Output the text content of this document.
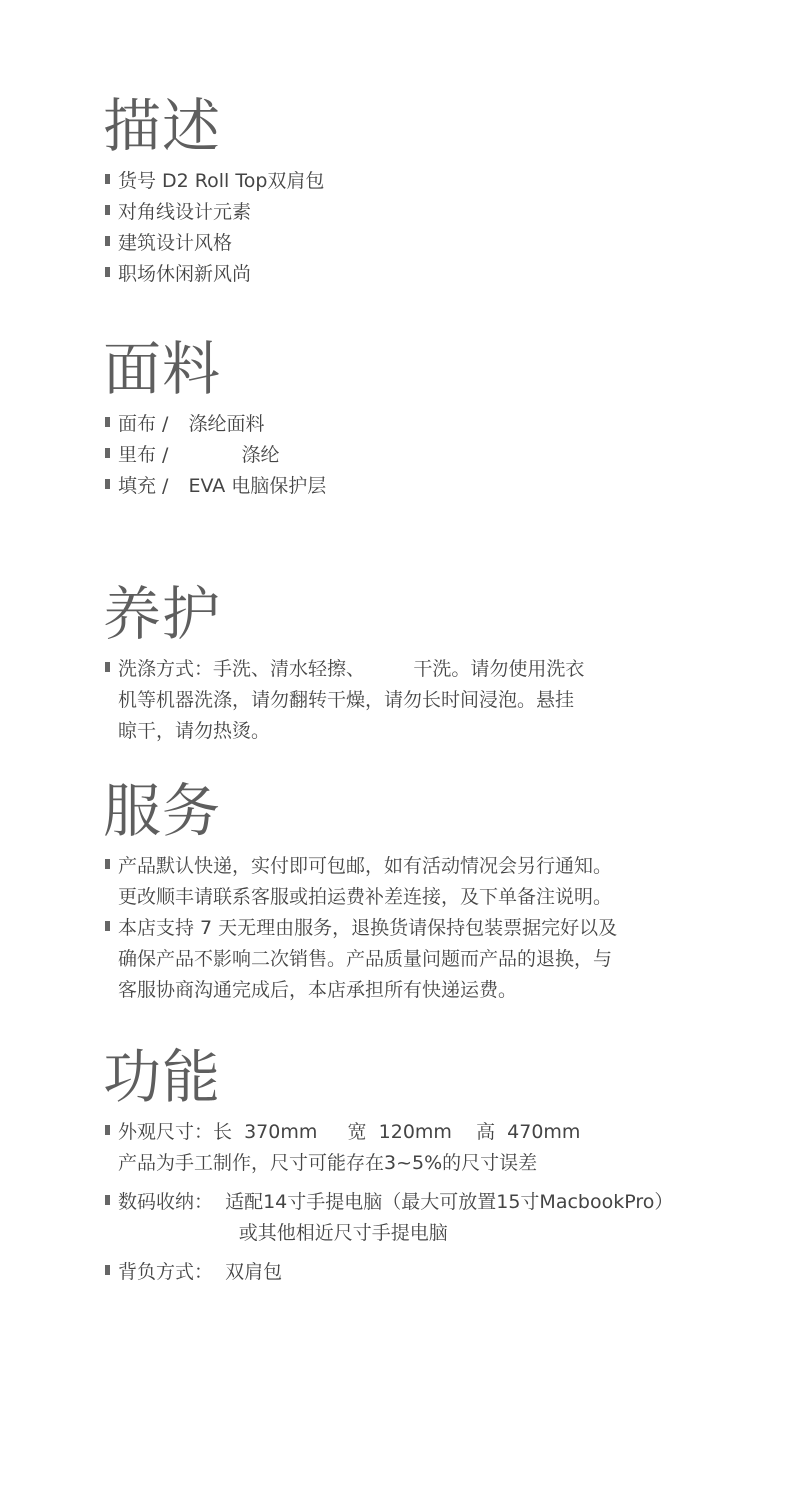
描述
货号 D2 Roll Top双肩包
对角线设计元素
建筑设计风格
职场休闲新风尚
面料
面布 / 涤纶面料
里布 /	涤纶
填充 / EVA 电脑保护层
养护
洗涤方式：手洗、清水轻擦、        干洗。请勿使用洗衣
机等机器洗涤，请勿翻转干燥，请勿长时间浸泡。悬挂
晾干，请勿热烫。
服务
产品默认快递，实付即可包邮，如有活动情况会另行通知。
更改顺丰请联系客服或拍运费补差连接，及下单备注说明。
本店支持 7 天无理由服务，退换货请保持包装票据完好以及
确保产品不影响二次销售。产品质量问题而产品的退换，与
客服协商沟通完成后，本店承担所有快递运费。
功能
外观尺寸：长  370mm     宽  120mm    高  470mm
产品为手工制作，尺寸可能存在3~5%的尺寸误差
数码收纳：  适配14寸手提电脑（最大可放置15寸MacbookPro）
或其他相近尺寸手提电脑
背负方式：  双肩包
